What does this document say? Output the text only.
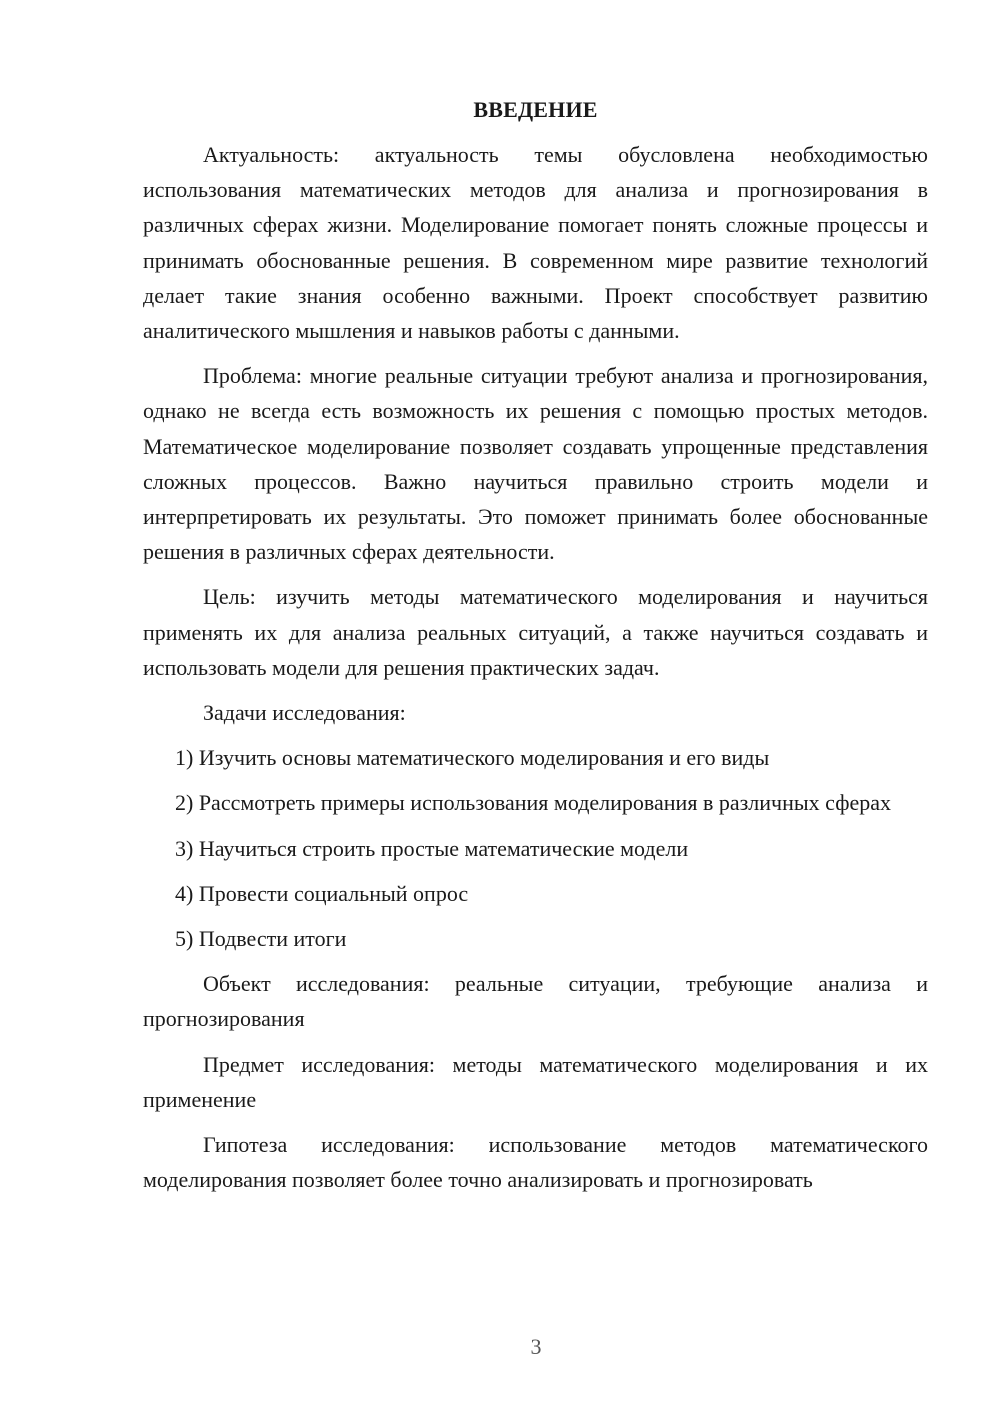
ВВЕДЕНИЕ

Актуальность: актуальность темы обусловлена необходимостью использования математических методов для анализа и прогнозирования в различных сферах жизни. Моделирование помогает понять сложные процессы и принимать обоснованные решения. В современном мире развитие технологий делает такие знания особенно важными. Проект способствует развитию аналитического мышления и навыков работы с данными.

Проблема: многие реальные ситуации требуют анализа и прогнозирования, однако не всегда есть возможность их решения с помощью простых методов. Математическое моделирование позволяет создавать упрощенные представления сложных процессов. Важно научиться правильно строить модели и интерпретировать их результаты. Это поможет принимать более обоснованные решения в различных сферах деятельности.

Цель: изучить методы математического моделирования и научиться применять их для анализа реальных ситуаций, а также научиться создавать и использовать модели для решения практических задач.

Задачи исследования:

1) Изучить основы математического моделирования и его виды

2) Рассмотреть примеры использования моделирования в различных сферах

3) Научиться строить простые математические модели

4) Провести социальный опрос

5) Подвести итоги

Объект исследования: реальные ситуации, требующие анализа и прогнозирования

Предмет исследования: методы математического моделирования и их применение

Гипотеза исследования: использование методов математического моделирования позволяет более точно анализировать и прогнозировать

3
